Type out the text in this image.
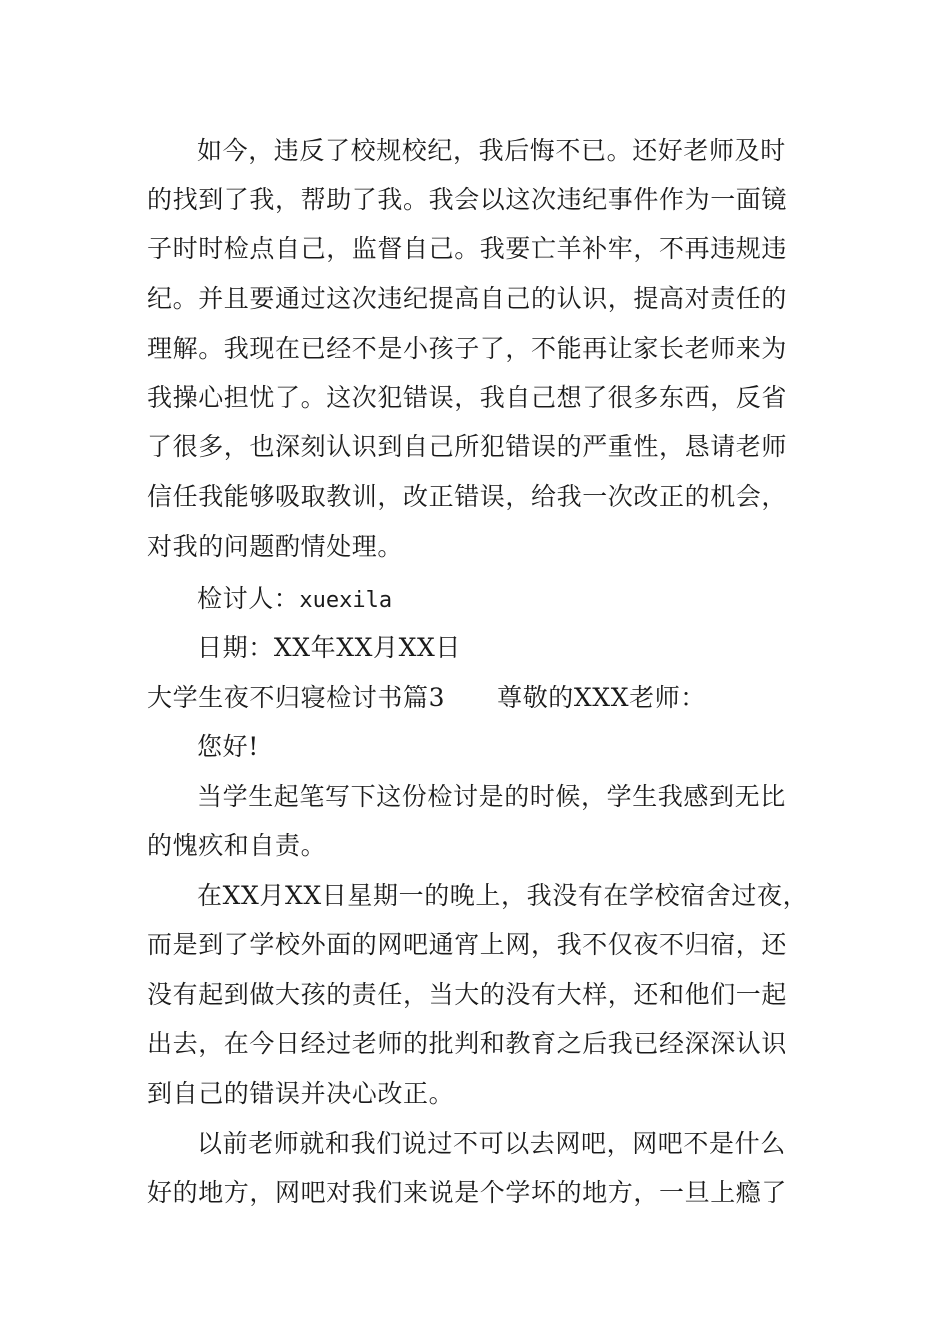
如今，违反了校规校纪，我后悔不已。还好老师及时
的找到了我，帮助了我。我会以这次违纪事件作为一面镜
子时时检点自己，监督自己。我要亡羊补牢，不再违规违
纪。并且要通过这次违纪提高自己的认识，提高对责任的
理解。我现在已经不是小孩子了，不能再让家长老师来为
我操心担忧了。这次犯错误，我自己想了很多东西，反省
了很多，也深刻认识到自己所犯错误的严重性，恳请老师
信任我能够吸取教训，改正错误，给我一次改正的机会，
对我的问题酌情处理。
检讨人：xuexila
日期：XX年XX月XX日
大学生夜不归寝检讨书篇3 尊敬的XXX老师：
您好!
当学生起笔写下这份检讨是的时候，学生我感到无比
的愧疚和自责。
在XX月XX日星期一的晚上，我没有在学校宿舍过夜，
而是到了学校外面的网吧通宵上网，我不仅夜不归宿，还
没有起到做大孩的责任，当大的没有大样，还和他们一起
出去，在今日经过老师的批判和教育之后我已经深深认识
到自己的错误并决心改正。
以前老师就和我们说过不可以去网吧，网吧不是什么
好的地方，网吧对我们来说是个学坏的地方，一旦上瘾了
